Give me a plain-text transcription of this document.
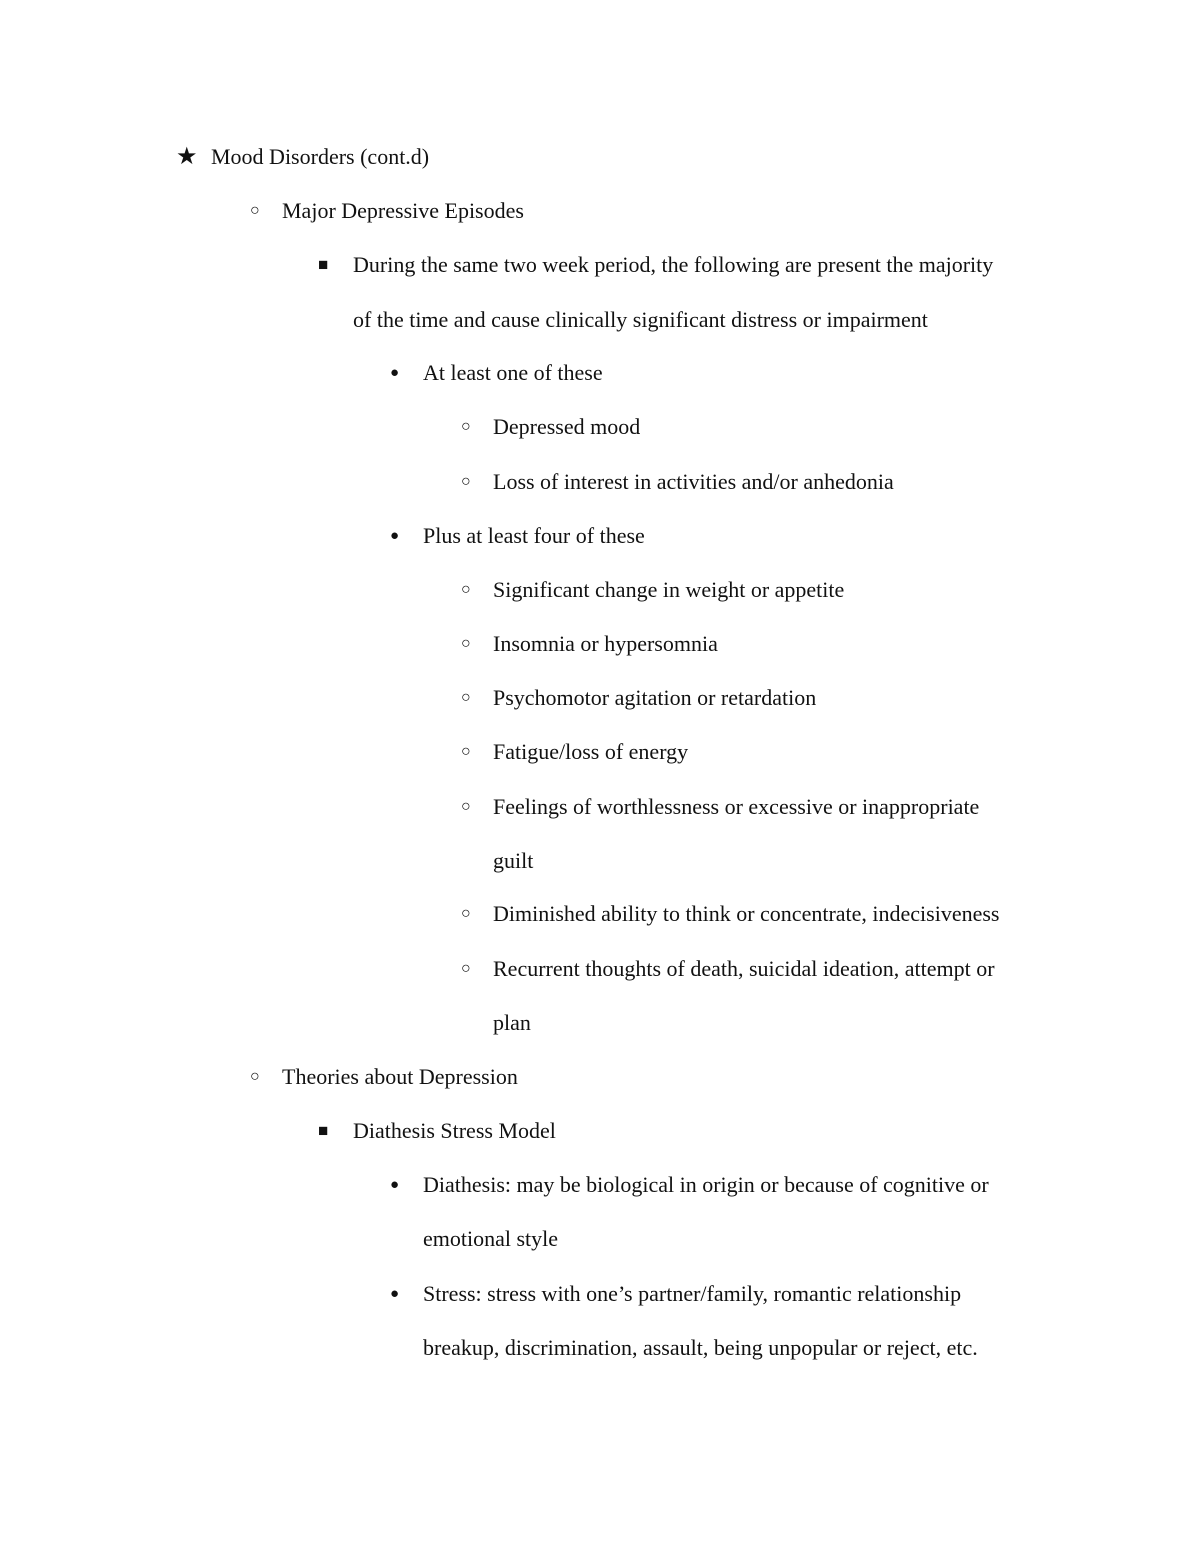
★ Mood Disorders (cont.d)
○ Major Depressive Episodes
■ During the same two week period, the following are present the majority
of the time and cause clinically significant distress or impairment
● At least one of these
○ Depressed mood
○ Loss of interest in activities and/or anhedonia
● Plus at least four of these
○ Significant change in weight or appetite
○ Insomnia or hypersomnia
○ Psychomotor agitation or retardation
○ Fatigue/loss of energy
○ Feelings of worthlessness or excessive or inappropriate
guilt
○ Diminished ability to think or concentrate, indecisiveness
○ Recurrent thoughts of death, suicidal ideation, attempt or
plan
○ Theories about Depression
■ Diathesis Stress Model
● Diathesis: may be biological in origin or because of cognitive or
emotional style
● Stress: stress with one’s partner/family, romantic relationship
breakup, discrimination, assault, being unpopular or reject, etc.
